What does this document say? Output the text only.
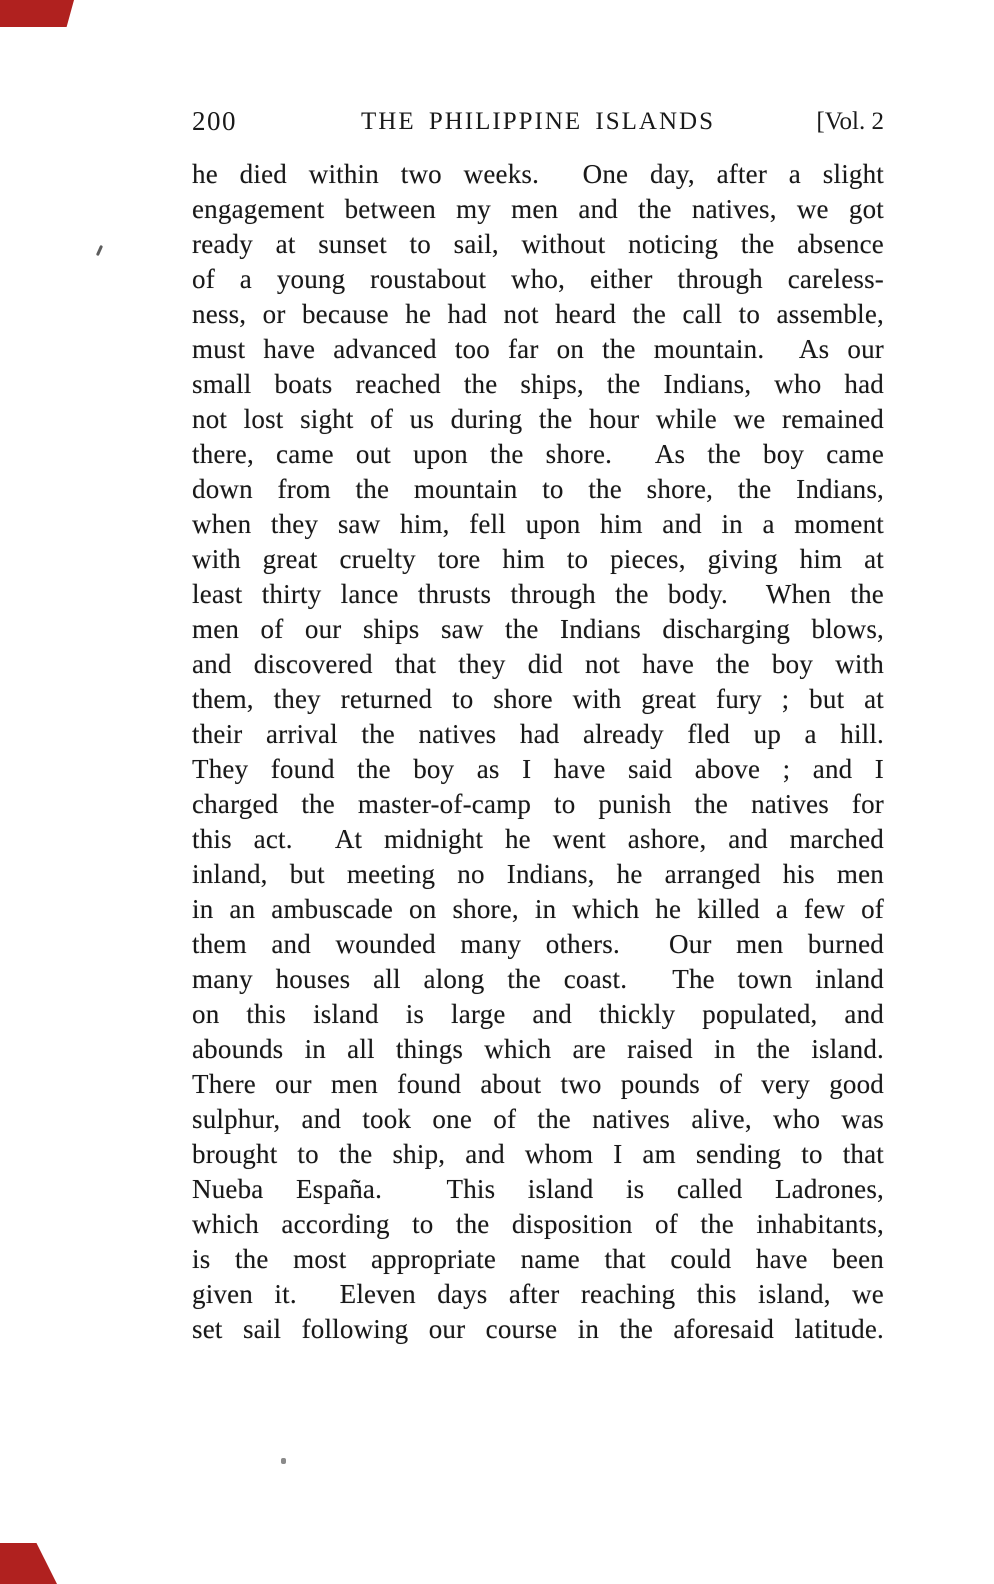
200	THE PHILIPPINE ISLANDS	[Vol. 2
he died within two weeks.  One day, after a slight
engagement between my men and the natives, we got
ready at sunset to sail, without noticing the absence
of a young roustabout who, either through careless-
ness, or because he had not heard the call to assemble,
must have advanced too far on the mountain.  As our
small boats reached the ships, the Indians, who had
not lost sight of us during the hour while we remained
there, came out upon the shore.  As the boy came
down from the mountain to the shore, the Indians,
when they saw him, fell upon him and in a moment
with great cruelty tore him to pieces, giving him at
least thirty lance thrusts through the body.  When the
men of our ships saw the Indians discharging blows,
and discovered that they did not have the boy with
them, they returned to shore with great fury ; but at
their arrival the natives had already fled up a hill.
They found the boy as I have said above ; and I
charged the master-of-camp to punish the natives for
this act.  At midnight he went ashore, and marched
inland, but meeting no Indians, he arranged his men
in an ambuscade on shore, in which he killed a few of
them and wounded many others.  Our men burned
many houses all along the coast.  The town inland
on this island is large and thickly populated, and
abounds in all things which are raised in the island.
There our men found about two pounds of very good
sulphur, and took one of the natives alive, who was
brought to the ship, and whom I am sending to that
Nueba España.  This island is called Ladrones,
which according to the disposition of the inhabitants,
is the most appropriate name that could have been
given it.  Eleven days after reaching this island, we
set sail following our course in the aforesaid latitude.
